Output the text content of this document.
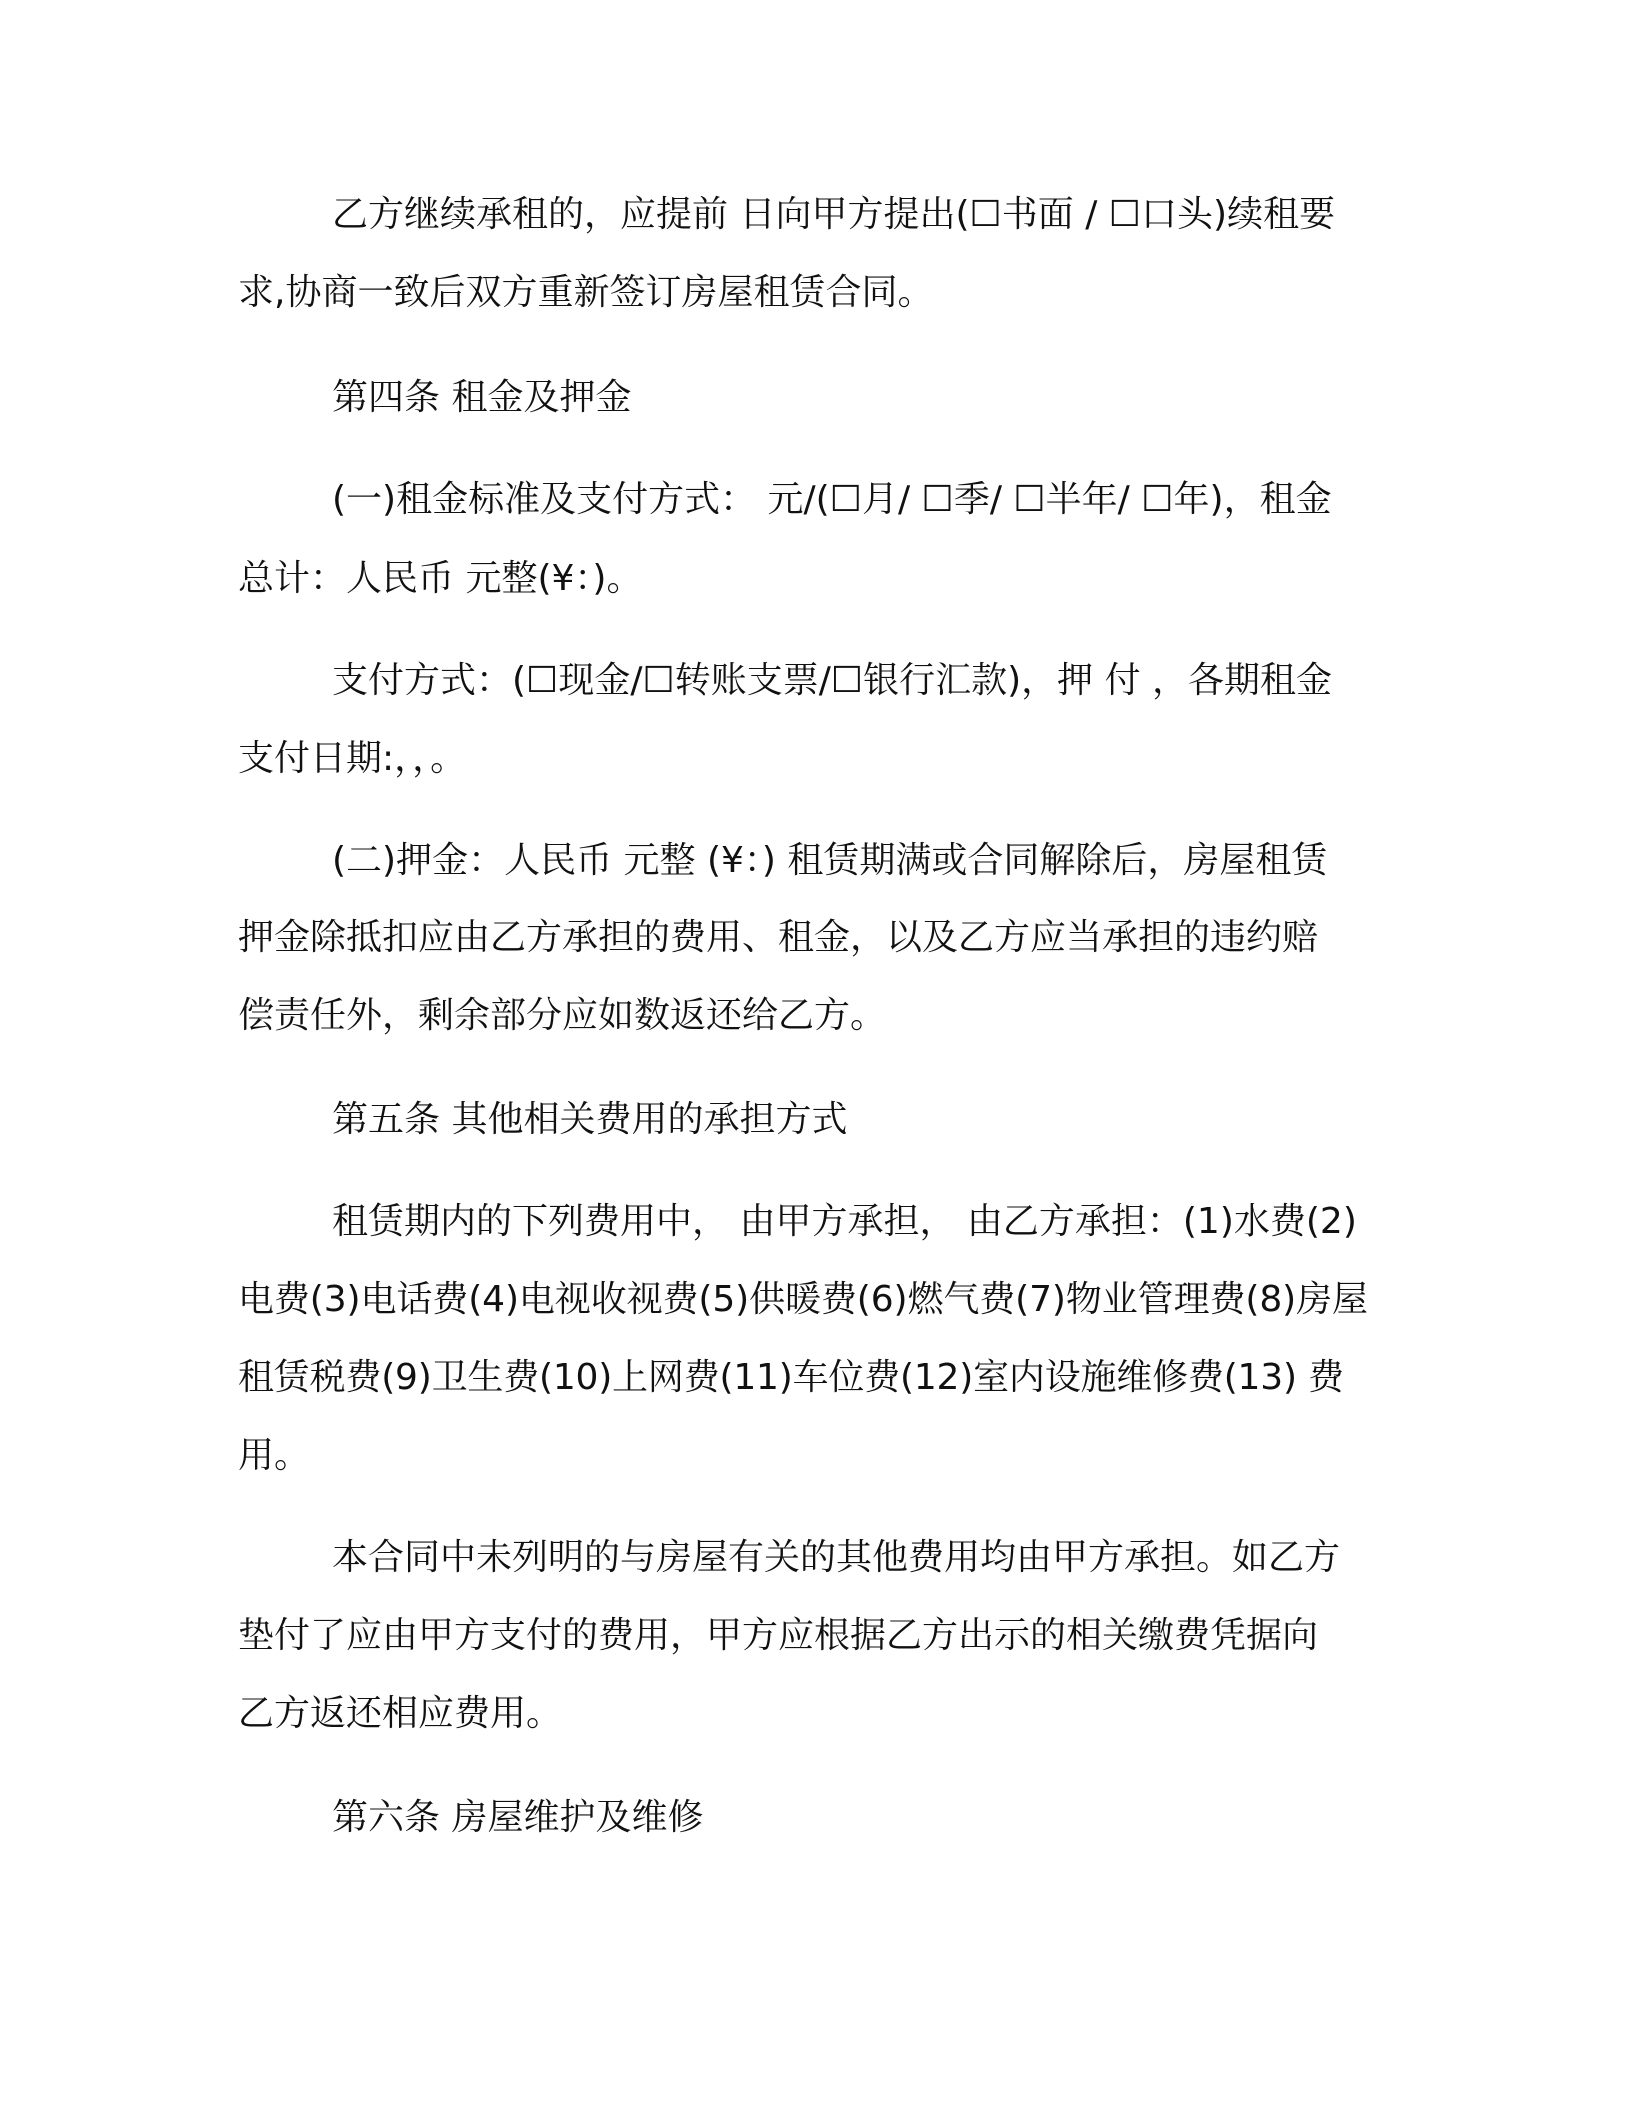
乙方继续承租的，应提前 日向甲方提出(☐书面 / ☐口头)续租要
求,协商一致后双方重新签订房屋租赁合同。
第四条 租金及押金
(一)租金标准及支付方式： 元/(☐月/ ☐季/ ☐半年/ ☐年)，租金
总计：人民币 元整(¥：)。
支付方式：(☐现金/☐转账支票/☐银行汇款)，押 付 ，各期租金
支付日期:，，。
(二)押金：人民币 元整 (¥：) 租赁期满或合同解除后，房屋租赁
押金除抵扣应由乙方承担的费用、租金，以及乙方应当承担的违约赔
偿责任外，剩余部分应如数返还给乙方。
第五条 其他相关费用的承担方式
租赁期内的下列费用中， 由甲方承担， 由乙方承担：(1)水费(2)
电费(3)电话费(4)电视收视费(5)供暖费(6)燃气费(7)物业管理费(8)房屋
租赁税费(9)卫生费(10)上网费(11)车位费(12)室内设施维修费(13) 费
用。
本合同中未列明的与房屋有关的其他费用均由甲方承担。如乙方
垫付了应由甲方支付的费用，甲方应根据乙方出示的相关缴费凭据向
乙方返还相应费用。
第六条 房屋维护及维修
